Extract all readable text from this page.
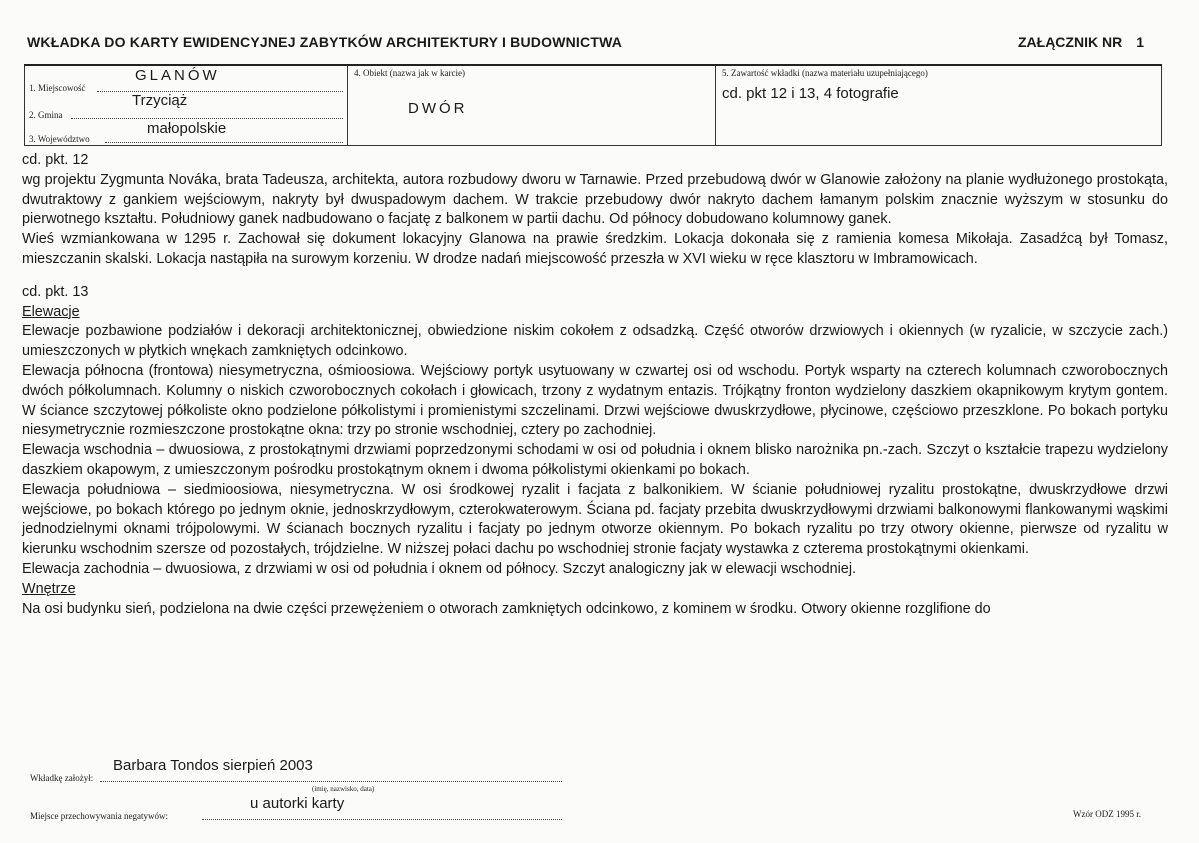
WKŁADKA DO KARTY EWIDENCYJNEJ ZABYTKÓW ARCHITEKTURY I BUDOWNICTWA	ZAŁĄCZNIK NR 1
GLANÓW
1. Miejscowość
Trzyciąż
2. Gmina
małopolskie
3. Województwo
4. Obiekt (nazwa jak w karcie)
DWÓR
5. Zawartość wkładki (nazwa materiału uzupełniającego)
cd. pkt 12 i 13, 4 fotografie

cd. pkt. 12

wg projektu Zygmunta Nováka, brata Tadeusza, architekta, autora rozbudowy dworu w Tarnawie. Przed przebudową dwór w Glanowie założony na planie wydłużonego prostokąta, dwutraktowy z gankiem wejściowym, nakryty był dwuspadowym dachem. W trakcie przebudowy dwór nakryto dachem łamanym polskim znacznie wyższym w stosunku do pierwotnego kształtu. Południowy ganek nadbudowano o facjatę z balkonem w partii dachu. Od północy dobudowano kolumnowy ganek.

Wieś wzmiankowana w 1295 r. Zachował się dokument lokacyjny Glanowa na prawie średzkim. Lokacja dokonała się z ramienia komesa Mikołaja. Zasadźcą był Tomasz, mieszczanin skalski. Lokacja nastąpiła na surowym korzeniu. W drodze nadań miejscowość przeszła w XVI wieku w ręce klasztoru w Imbramowicach.

cd. pkt. 13

Elewacje

Elewacje pozbawione podziałów i dekoracji architektonicznej, obwiedzione niskim cokołem z odsadzką. Część otworów drzwiowych i okiennych (w ryzalicie, w szczycie zach.) umieszczonych w płytkich wnękach zamkniętych odcinkowo.

Elewacja północna (frontowa) niesymetryczna, ośmioosiowa. Wejściowy portyk usytuowany w czwartej osi od wschodu. Portyk wsparty na czterech kolumnach czworobocznych dwóch półkolumnach. Kolumny o niskich czworobocznych cokołach i głowicach, trzony z wydatnym entazis. Trójkątny fronton wydzielony daszkiem okapnikowym krytym gontem. W ściance szczytowej półkoliste okno podzielone półkolistymi i promienistymi szczelinami. Drzwi wejściowe dwuskrzydłowe, płycinowe, częściowo przeszklone. Po bokach portyku niesymetrycznie rozmieszczone prostokątne okna: trzy po stronie wschodniej, cztery po zachodniej.

Elewacja wschodnia – dwuosiowa, z prostokątnymi drzwiami poprzedzonymi schodami w osi od południa i oknem blisko narożnika pn.-zach. Szczyt o kształcie trapezu wydzielony daszkiem okapowym, z umieszczonym pośrodku prostokątnym oknem i dwoma półkolistymi okienkami po bokach.

Elewacja południowa – siedmioosiowa, niesymetryczna. W osi środkowej ryzalit i facjata z balkonikiem. W ścianie południowej ryzalitu prostokątne, dwuskrzydłowe drzwi wejściowe, po bokach którego po jednym oknie, jednoskrzydłowym, czterokwaterowym. Ściana pd. facjaty przebita dwuskrzydłowymi drzwiami balkonowymi flankowanymi wąskimi jednodzielnymi oknami trójpolowymi. W ścianach bocznych ryzalitu i facjaty po jednym otworze okiennym. Po bokach ryzalitu po trzy otwory okienne, pierwsze od ryzalitu w kierunku wschodnim szersze od pozostałych, trójdzielne. W niższej połaci dachu po wschodniej stronie facjaty wystawka z czterema prostokątnymi okienkami.

Elewacja zachodnia – dwuosiowa, z drzwiami w osi od południa i oknem od północy. Szczyt analogiczny jak w elewacji wschodniej.

Wnętrze

Na osi budynku sień, podzielona na dwie części przewężeniem o otworach zamkniętych odcinkowo, z kominem w środku. Otwory okienne rozglifione do

Wkładkę założył:
Barbara Tondos sierpień 2003
(imię, nazwisko, data)
Miejsce przechowywania negatywów:
u autorki karty
Wzór ODZ 1995 r.
